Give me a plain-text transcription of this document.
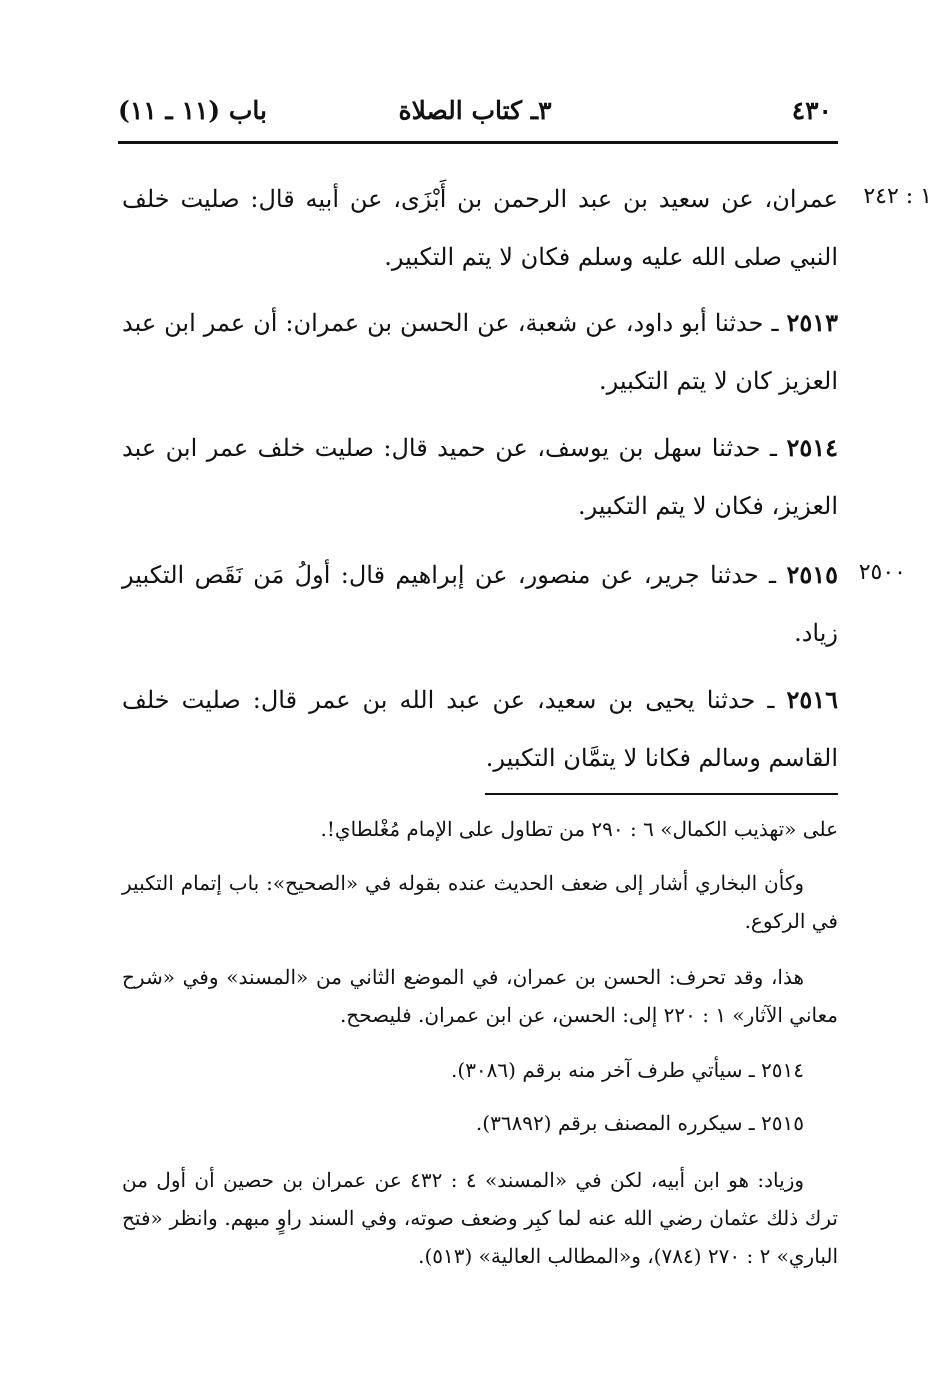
٤٣٠
٣ـ كتاب الصلاة
باب (١١ ـ ١١)
١ : ٢٤٢
عمران، عن سعيد بن عبد الرحمن بن أَبْزَى، عن أبيه قال: صليت خلف النبي صلى الله عليه وسلم فكان لا يتم التكبير.
٢٥١٣ ـ حدثنا أبو داود، عن شعبة، عن الحسن بن عمران: أن عمر ابن عبد العزيز كان لا يتم التكبير.
٢٥١٤ ـ حدثنا سهل بن يوسف، عن حميد قال: صليت خلف عمر ابن عبد العزيز، فكان لا يتم التكبير.
٢٥٠٠
٢٥١٥ ـ حدثنا جرير، عن منصور، عن إبراهيم قال: أولُ مَن نَقَص التكبير زياد.
٢٥١٦ ـ حدثنا يحيى بن سعيد، عن عبد الله بن عمر قال: صليت خلف القاسم وسالم فكانا لا يتمَّان التكبير.
على «تهذيب الكمال» ٦ : ٢٩٠ من تطاول على الإمام مُغْلطاي!.
وكأن البخاري أشار إلى ضعف الحديث عنده بقوله في «الصحيح»: باب إتمام التكبير في الركوع.
هذا، وقد تحرف: الحسن بن عمران، في الموضع الثاني من «المسند» وفي «شرح معاني الآثار» ١ : ٢٢٠ إلى: الحسن، عن ابن عمران. فليصحح.
٢٥١٤ ـ سيأتي طرف آخر منه برقم (٣٠٨٦).
٢٥١٥ ـ سيكرره المصنف برقم (٣٦٨٩٢).
وزياد: هو ابن أبيه، لكن في «المسند» ٤ : ٤٣٢ عن عمران بن حصين أن أول من ترك ذلك عثمان رضي الله عنه لما كبِر وضعف صوته، وفي السند راوٍ مبهم. وانظر «فتح الباري» ٢ : ٢٧٠ (٧٨٤)، و«المطالب العالية» (٥١٣).
